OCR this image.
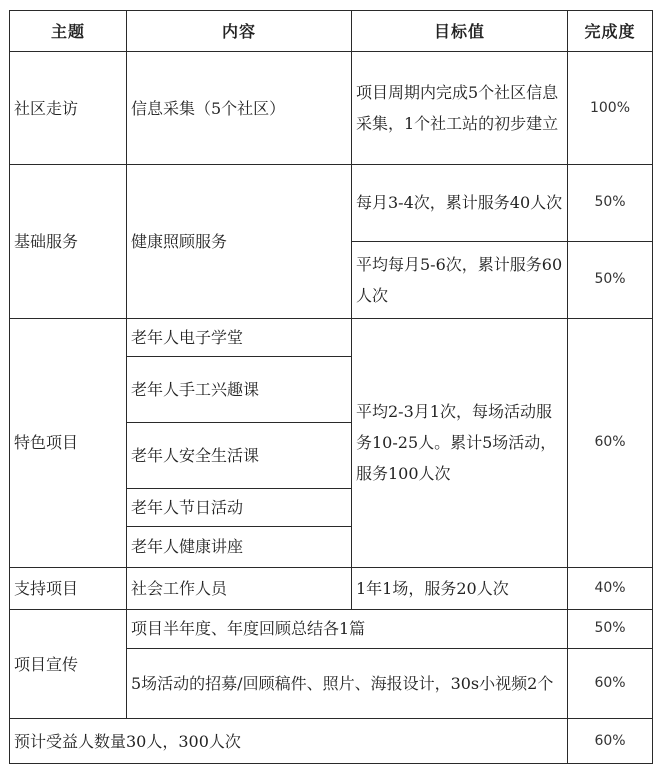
主题	内容	目标值	完成度
社区走访	信息采集（5个社区）	项目周期内完成5个社区信息采集，1个社工站的初步建立	100%
基础服务	健康照顾服务	每月3-4次，累计服务40人次	50%
		平均每月5-6次，累计服务60人次	50%
特色项目	老年人电子学堂	平均2-3月1次，每场活动服务10-25人。累计5场活动，服务100人次	60%
	老年人手工兴趣课		
	老年人安全生活课		
	老年人节日活动		
	老年人健康讲座		
支持项目	社会工作人员	1年1场，服务20人次	40%
项目宣传	项目半年度、年度回顾总结各1篇		50%
	5场活动的招募/回顾稿件、照片、海报设计，30s小视频2个		60%
预计受益人数量30人，300人次			60%
